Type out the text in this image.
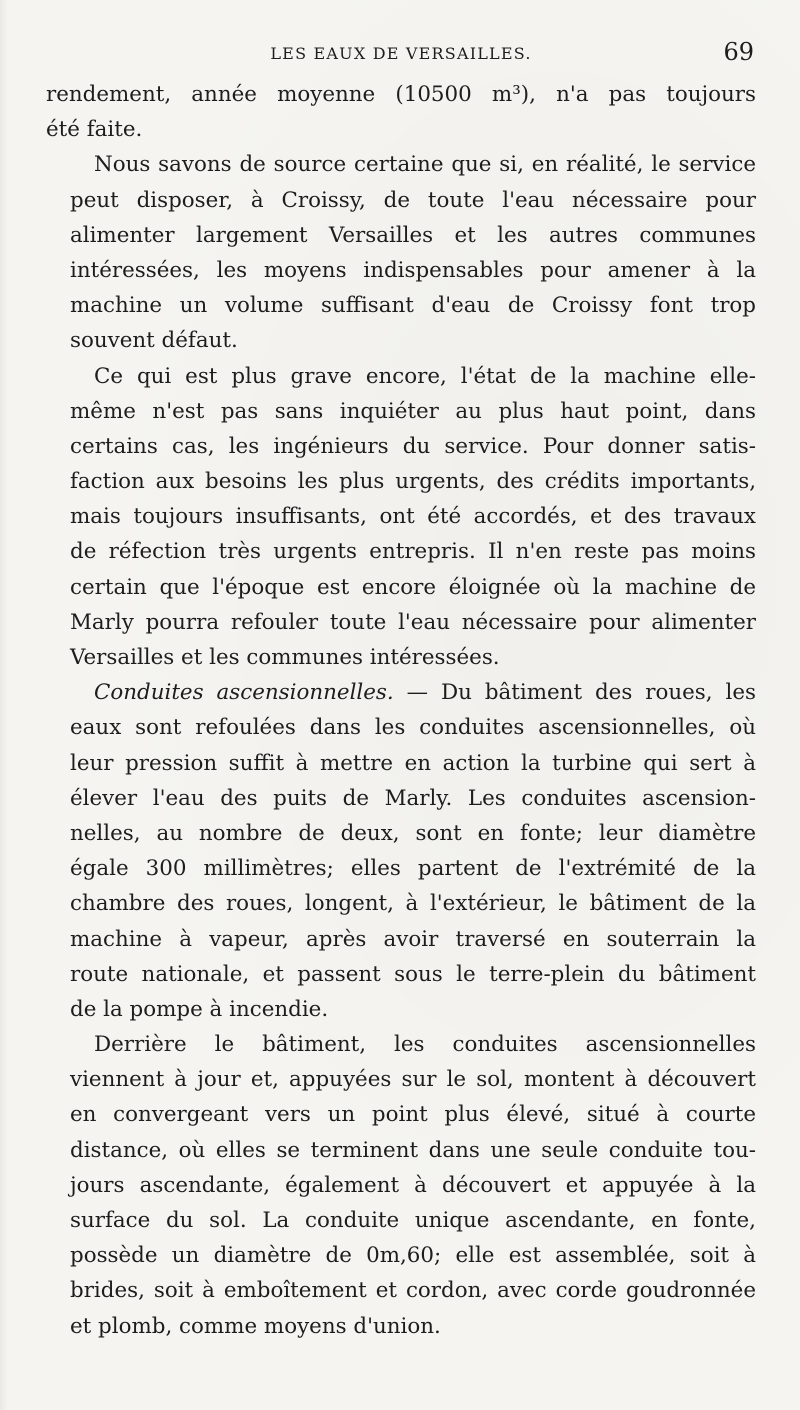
LES EAUX DE VERSAILLES.	69
rendement, année moyenne (10500 m³), n'a pas toujours
été faite.
Nous savons de source certaine que si, en réalité, le service
peut disposer, à Croissy, de toute l'eau nécessaire pour
alimenter largement Versailles et les autres communes
intéressées, les moyens indispensables pour amener à la
machine un volume suffisant d'eau de Croissy font trop
souvent défaut.
Ce qui est plus grave encore, l'état de la machine elle-
même n'est pas sans inquiéter au plus haut point, dans
certains cas, les ingénieurs du service. Pour donner satis-
faction aux besoins les plus urgents, des crédits importants,
mais toujours insuffisants, ont été accordés, et des travaux
de réfection très urgents entrepris. Il n'en reste pas moins
certain que l'époque est encore éloignée où la machine de
Marly pourra refouler toute l'eau nécessaire pour alimenter
Versailles et les communes intéressées.
Conduites ascensionnelles. — Du bâtiment des roues, les
eaux sont refoulées dans les conduites ascensionnelles, où
leur pression suffit à mettre en action la turbine qui sert à
élever l'eau des puits de Marly. Les conduites ascension-
nelles, au nombre de deux, sont en fonte; leur diamètre
égale 300 millimètres; elles partent de l'extrémité de la
chambre des roues, longent, à l'extérieur, le bâtiment de la
machine à vapeur, après avoir traversé en souterrain la
route nationale, et passent sous le terre-plein du bâtiment
de la pompe à incendie.
Derrière le bâtiment, les conduites ascensionnelles
viennent à jour et, appuyées sur le sol, montent à découvert
en convergeant vers un point plus élevé, situé à courte
distance, où elles se terminent dans une seule conduite tou-
jours ascendante, également à découvert et appuyée à la
surface du sol. La conduite unique ascendante, en fonte,
possède un diamètre de 0m,60; elle est assemblée, soit à
brides, soit à emboîtement et cordon, avec corde goudronnée
et plomb, comme moyens d'union.
